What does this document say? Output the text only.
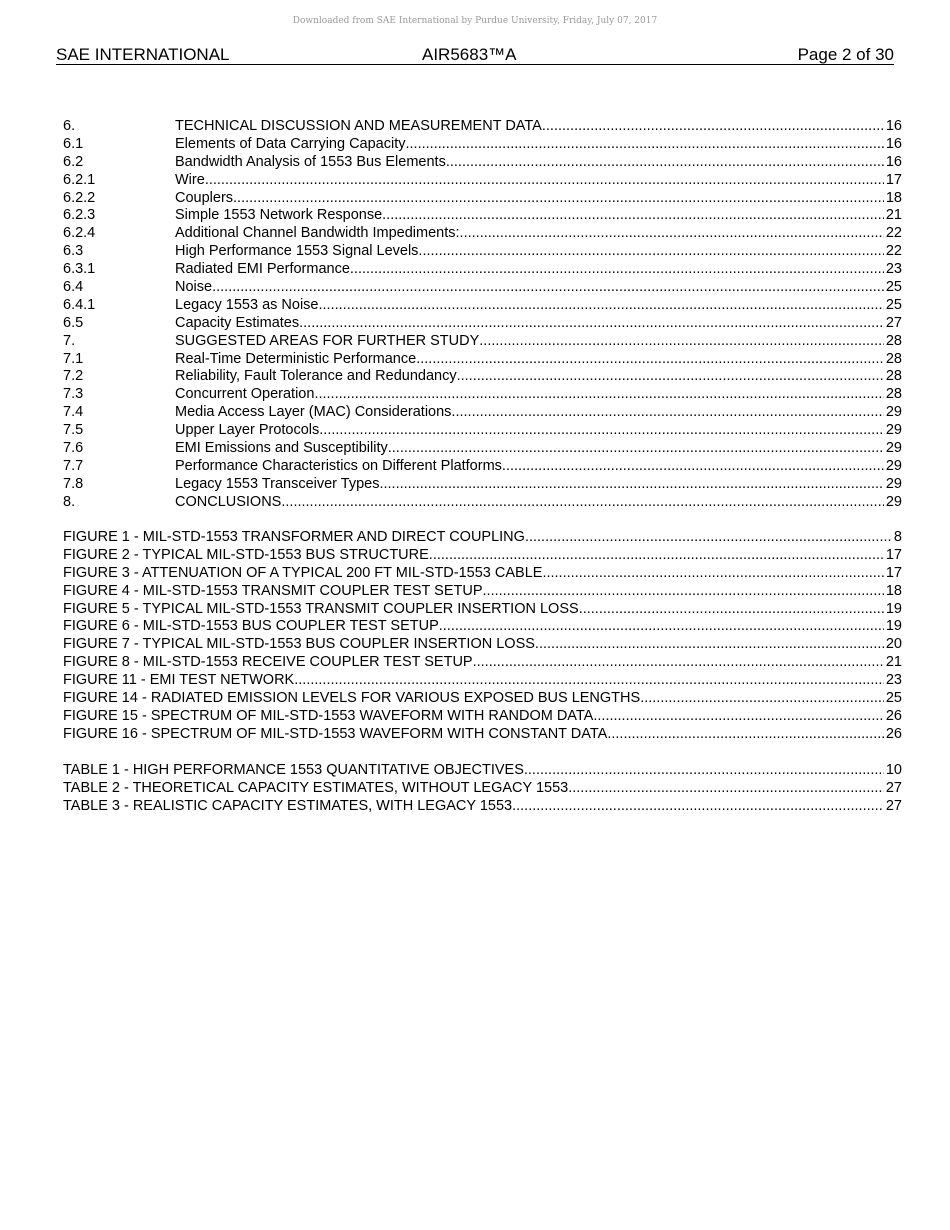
Downloaded from SAE International by Purdue University, Friday, July 07, 2017
SAE INTERNATIONAL	AIR5683™A	Page 2 of 30
6.	TECHNICAL DISCUSSION AND MEASUREMENT DATA .....	16
6.1	Elements of Data Carrying Capacity .....	16
6.2	Bandwidth Analysis of 1553 Bus Elements .....	16
6.2.1	Wire .....	17
6.2.2	Couplers .....	18
6.2.3	Simple 1553 Network Response .....	21
6.2.4	Additional Channel Bandwidth Impediments: .....	22
6.3	High Performance 1553 Signal Levels .....	22
6.3.1	Radiated EMI Performance .....	23
6.4	Noise .....	25
6.4.1	Legacy 1553 as Noise .....	25
6.5	Capacity Estimates .....	27
7.	SUGGESTED AREAS FOR FURTHER STUDY .....	28
7.1	Real-Time Deterministic Performance .....	28
7.2	Reliability, Fault Tolerance and Redundancy .....	28
7.3	Concurrent Operation .....	28
7.4	Media Access Layer (MAC) Considerations .....	29
7.5	Upper Layer Protocols .....	29
7.6	EMI Emissions and Susceptibility .....	29
7.7	Performance Characteristics on Different Platforms .....	29
7.8	Legacy 1553 Transceiver Types .....	29
8.	CONCLUSIONS .....	29
FIGURE 1 - MIL-STD-1553 TRANSFORMER AND DIRECT COUPLING .....	8
FIGURE 2 - TYPICAL MIL-STD-1553 BUS STRUCTURE .....	17
FIGURE 3 - ATTENUATION OF A TYPICAL 200 FT MIL-STD-1553 CABLE .....	17
FIGURE 4 - MIL-STD-1553 TRANSMIT COUPLER TEST SETUP .....	18
FIGURE 5 - TYPICAL MIL-STD-1553 TRANSMIT COUPLER INSERTION LOSS .....	19
FIGURE 6 - MIL-STD-1553 BUS COUPLER TEST SETUP .....	19
FIGURE 7 - TYPICAL MIL-STD-1553 BUS COUPLER INSERTION LOSS .....	20
FIGURE 8 - MIL-STD-1553 RECEIVE COUPLER TEST SETUP .....	21
FIGURE 11 - EMI TEST NETWORK .....	23
FIGURE 14 - RADIATED EMISSION LEVELS FOR VARIOUS EXPOSED BUS LENGTHS .....	25
FIGURE 15 - SPECTRUM OF MIL-STD-1553 WAVEFORM WITH RANDOM DATA .....	26
FIGURE 16 - SPECTRUM OF MIL-STD-1553 WAVEFORM WITH CONSTANT DATA .....	26
TABLE 1 - HIGH PERFORMANCE 1553 QUANTITATIVE OBJECTIVES .....	10
TABLE 2 - THEORETICAL CAPACITY ESTIMATES, WITHOUT LEGACY 1553 .....	27
TABLE 3 - REALISTIC CAPACITY ESTIMATES, WITH LEGACY 1553 .....	27
